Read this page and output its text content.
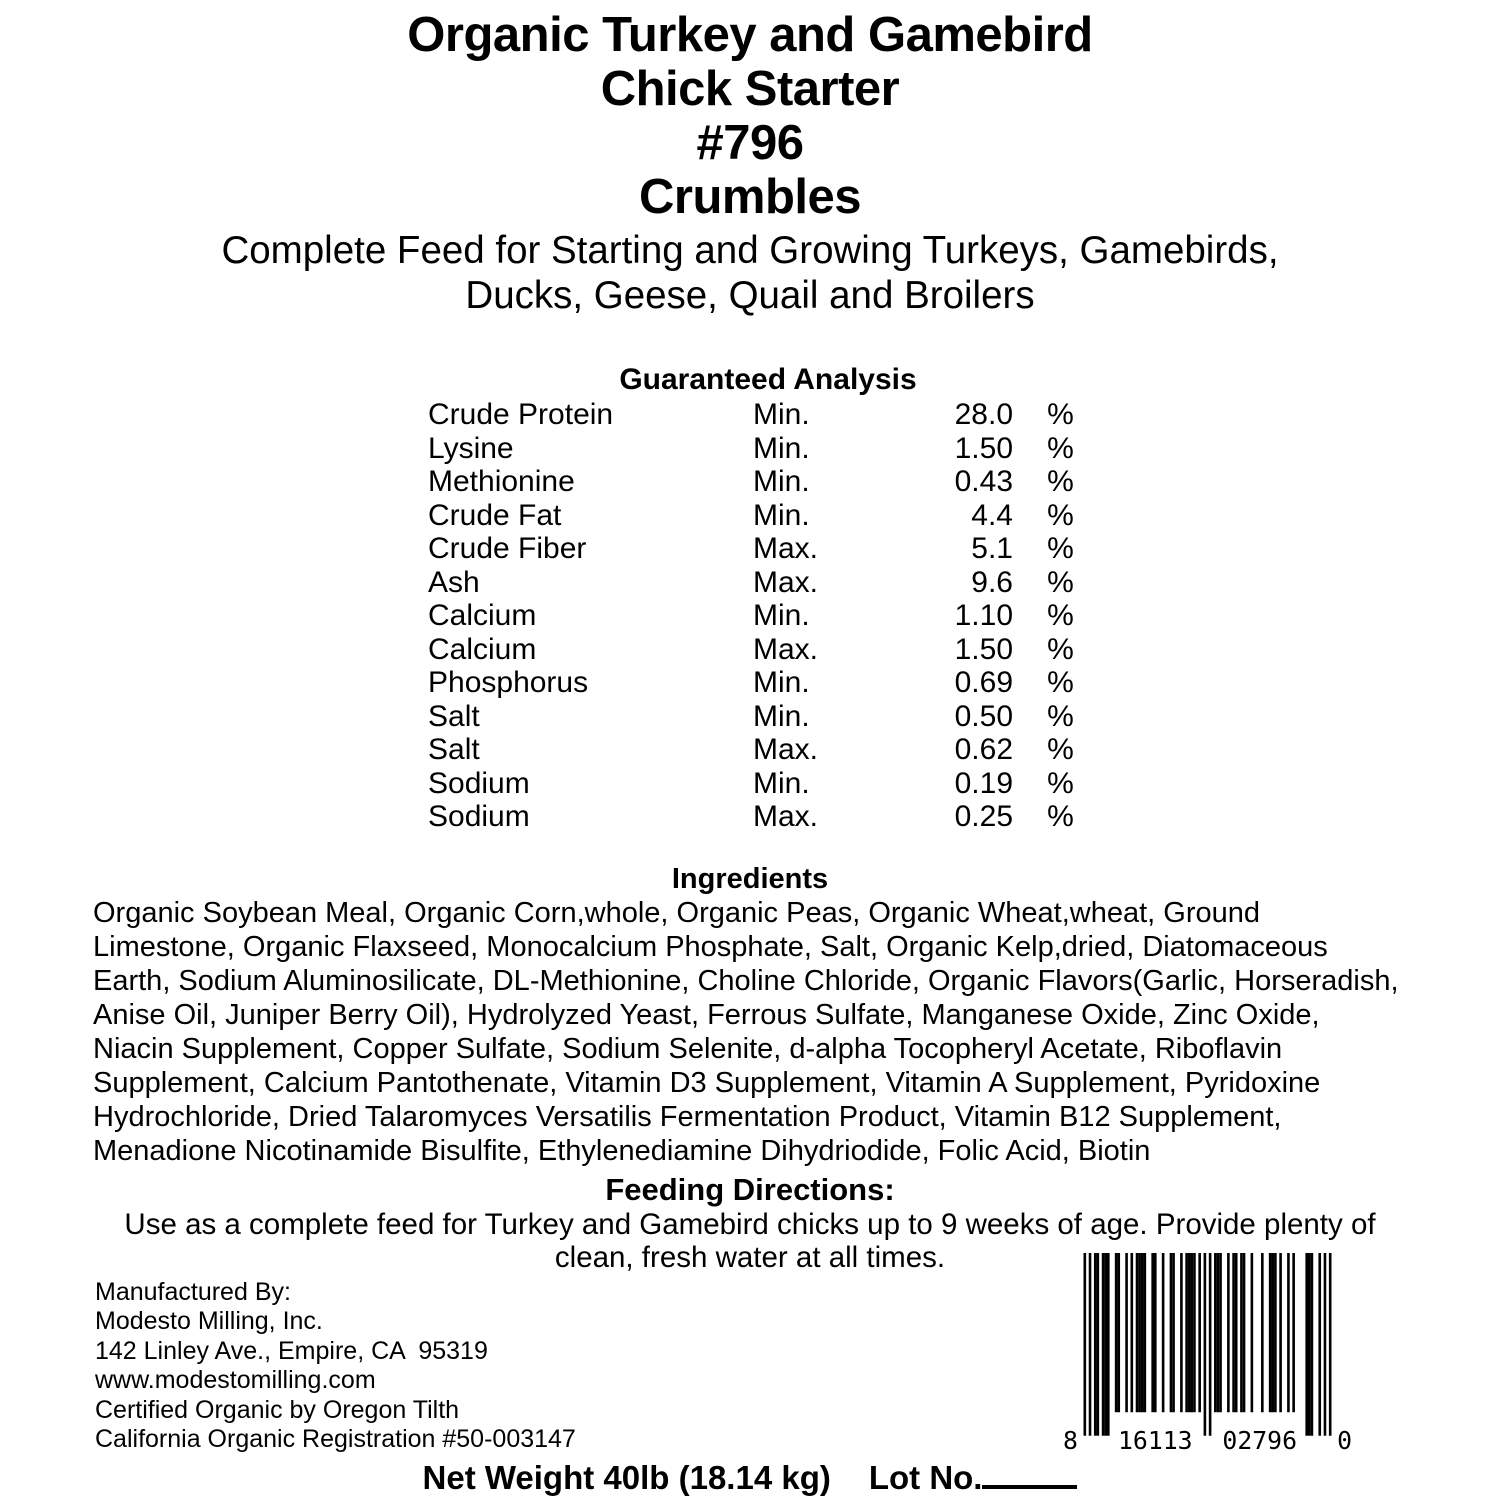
Organic Turkey and Gamebird
Chick Starter
#796
Crumbles
Complete Feed for Starting and Growing Turkeys, Gamebirds,
Ducks, Geese, Quail and Broilers
Guaranteed Analysis
Crude Protein	Min.	28.0	%
Lysine	Min.	1.50	%
Methionine	Min.	0.43	%
Crude Fat	Min.	4.4	%
Crude Fiber	Max.	5.1	%
Ash	Max.	9.6	%
Calcium	Min.	1.10	%
Calcium	Max.	1.50	%
Phosphorus	Min.	0.69	%
Salt	Min.	0.50	%
Salt	Max.	0.62	%
Sodium	Min.	0.19	%
Sodium	Max.	0.25	%
Ingredients
Organic Soybean Meal, Organic Corn,whole, Organic Peas, Organic Wheat,wheat, Ground
Limestone, Organic Flaxseed, Monocalcium Phosphate, Salt, Organic Kelp,dried, Diatomaceous
Earth, Sodium Aluminosilicate, DL-Methionine, Choline Chloride, Organic Flavors(Garlic, Horseradish,
Anise Oil, Juniper Berry Oil), Hydrolyzed Yeast, Ferrous Sulfate, Manganese Oxide, Zinc Oxide,
Niacin Supplement, Copper Sulfate, Sodium Selenite, d-alpha Tocopheryl Acetate, Riboflavin
Supplement, Calcium Pantothenate, Vitamin D3 Supplement, Vitamin A Supplement, Pyridoxine
Hydrochloride, Dried Talaromyces Versatilis Fermentation Product, Vitamin B12 Supplement,
Menadione Nicotinamide Bisulfite, Ethylenediamine Dihydriodide, Folic Acid, Biotin
Feeding Directions:
Use as a complete feed for Turkey and Gamebird chicks up to 9 weeks of age. Provide plenty of
clean, fresh water at all times.
Manufactured By:
Modesto Milling, Inc.
142 Linley Ave., Empire, CA  95319
www.modestomilling.com
Certified Organic by Oregon Tilth
California Organic Registration #50-003147	8	16113	02796	0
Net Weight 40lb (18.14 kg) Lot No.
